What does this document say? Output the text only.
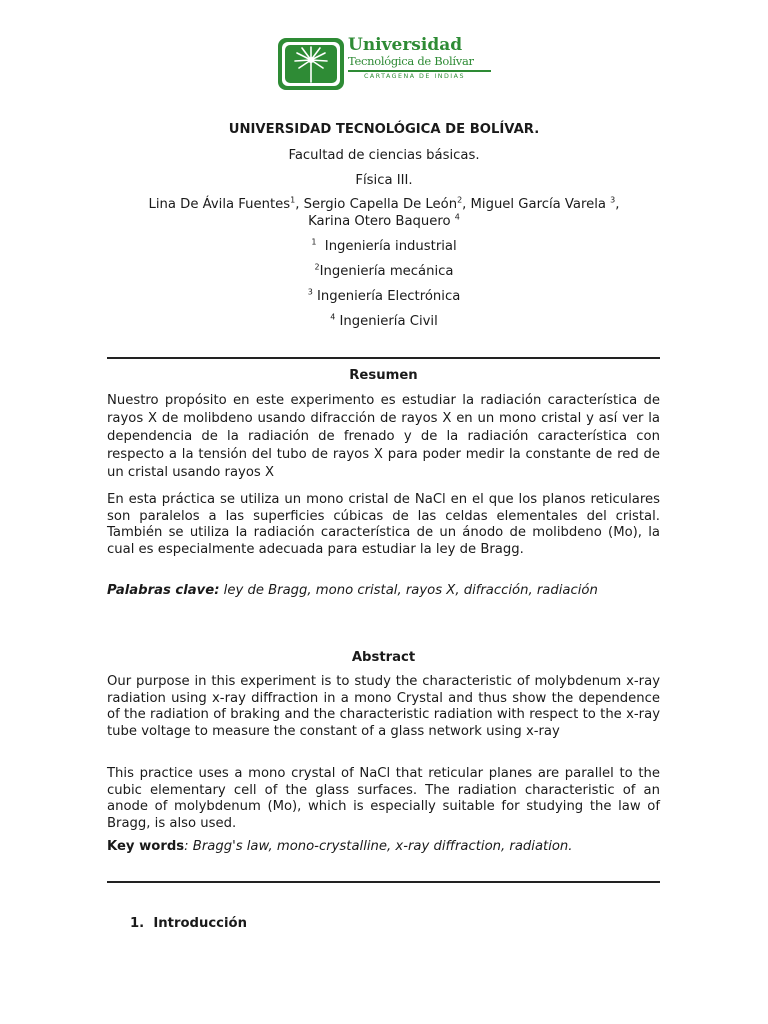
Universidad
Tecnológica de Bolívar
CARTAGENA DE INDIAS
UNIVERSIDAD TECNOLÓGICA DE BOLÍVAR.
Facultad de ciencias básicas.
Física III.
Lina De Ávila Fuentes$^1$, Sergio Capella De León$^2$, Miguel García Varela $^3$,
Karina Otero Baquero $^4$
$^1$  Ingeniería industrial
$^2$Ingeniería mecánica
$^3$ Ingeniería Electrónica
$^4$ Ingeniería Civil
Resumen
Nuestro propósito en este experimento es estudiar la radiación característica de rayos X de molibdeno usando difracción de rayos X en un mono cristal y así ver la dependencia de la radiación de frenado y de la radiación característica con respecto a la tensión del tubo de rayos X para poder medir la constante de red de un cristal usando rayos X
En esta práctica se utiliza un mono cristal de NaCl en el que los planos reticulares son paralelos a las superficies cúbicas de las celdas elementales del cristal. También se utiliza la radiación característica de un ánodo de molibdeno (Mo), la cual es especialmente adecuada para estudiar la ley de Bragg.
Palabras clave: ley de Bragg, mono cristal, rayos X, difracción, radiación
Abstract
Our purpose in this experiment is to study the characteristic of molybdenum x-ray radiation using x-ray diffraction in a mono Crystal and thus show the dependence of the radiation of braking and the characteristic radiation with respect to the x-ray tube voltage to measure the constant of a glass network using x-ray
This practice uses a mono crystal of NaCl that reticular planes are parallel to the cubic elementary cell of the glass surfaces. The radiation characteristic of an anode of molybdenum (Mo), which is especially suitable for studying the law of Bragg, is also used.
Key words: Bragg's law, mono-crystalline, x-ray diffraction, radiation.
1. Introducción
